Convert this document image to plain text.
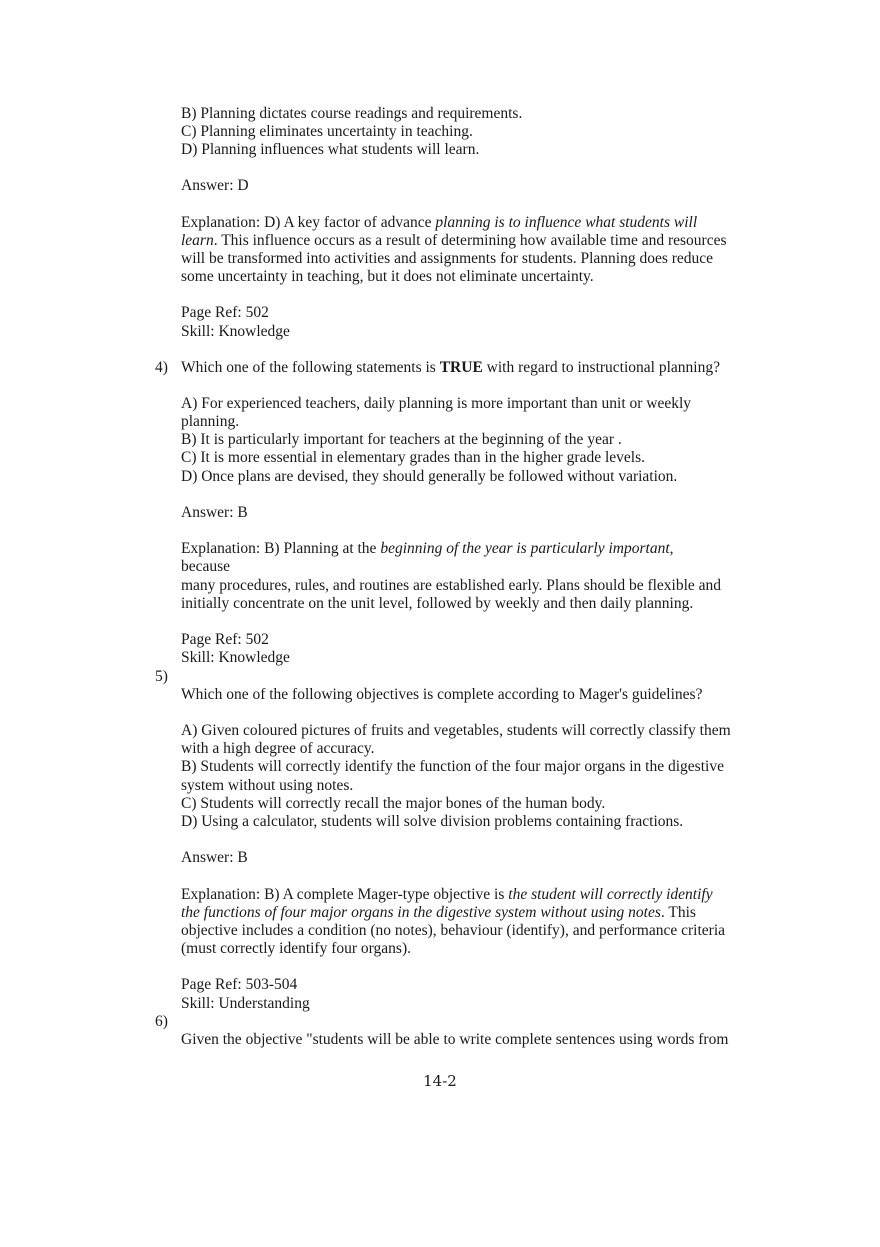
B) Planning dictates course readings and requirements.
C) Planning eliminates uncertainty in teaching.
D) Planning influences what students will learn.
Answer: D
Explanation: D) A key factor of advance planning is to influence what students will
learn. This influence occurs as a result of determining how available time and resources
will be transformed into activities and assignments for students. Planning does reduce
some uncertainty in teaching, but it does not eliminate uncertainty.
Page Ref: 502
Skill: Knowledge
4) Which one of the following statements is TRUE with regard to instructional planning?
A) For experienced teachers, daily planning is more important than unit or weekly
planning.
B) It is particularly important for teachers at the beginning of the year .
C) It is more essential in elementary grades than in the higher grade levels.
D) Once plans are devised, they should generally be followed without variation.
Answer: B
Explanation: B) Planning at the beginning of the year is particularly important,
because
many procedures, rules, and routines are established early. Plans should be flexible and
initially concentrate on the unit level, followed by weekly and then daily planning.
Page Ref: 502
Skill: Knowledge
5)
Which one of the following objectives is complete according to Mager's guidelines?
A) Given coloured pictures of fruits and vegetables, students will correctly classify them
with a high degree of accuracy.
B) Students will correctly identify the function of the four major organs in the digestive
system without using notes.
C) Students will correctly recall the major bones of the human body.
D) Using a calculator, students will solve division problems containing fractions.
Answer: B
Explanation: B) A complete Mager-type objective is the student will correctly identify
the functions of four major organs in the digestive system without using notes. This
objective includes a condition (no notes), behaviour (identify), and performance criteria
(must correctly identify four organs).
Page Ref: 503-504
Skill: Understanding
6)
Given the objective "students will be able to write complete sentences using words from
14-2
